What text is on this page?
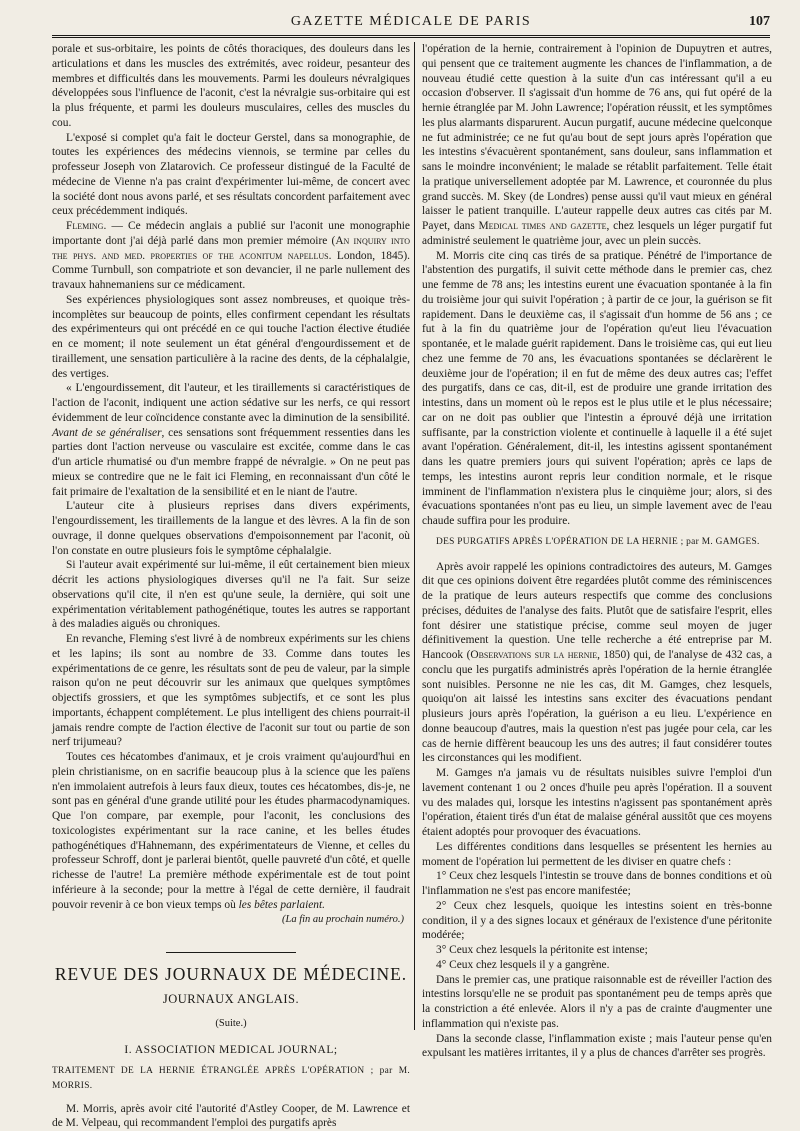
GAZETTE MÉDICALE DE PARIS	107

porale et sus-orbitaire, les points de côtés thoraciques, des douleurs dans les articulations et dans les muscles des extrémités, avec roideur, pesanteur des membres et difficultés dans les mouvements. Parmi les douleurs névralgiques développées sous l'influence de l'aconit, c'est la névralgie sus-orbitaire qui est la plus fréquente, et parmi les douleurs musculaires, celles des muscles du cou.

L'exposé si complet qu'a fait le docteur Gerstel, dans sa monographie, de toutes les expériences des médecins viennois, se termine par celles du professeur Joseph von Zlatarovich. Ce professeur distingué de la Faculté de médecine de Vienne n'a pas craint d'expérimenter lui-même, de concert avec la société dont nous avons parlé, et ses résultats concordent parfaitement avec ceux précédemment indiqués.

Fleming. — Ce médecin anglais a publié sur l'aconit une monographie importante dont j'ai déjà parlé dans mon premier mémoire (An inquiry into the phys. and med. properties of the aconitum napellus. London, 1845). Comme Turnbull, son compatriote et son devancier, il ne parle nullement des travaux hahnemaniens sur ce médicament.

Ses expériences physiologiques sont assez nombreuses, et quoique très-incomplètes sur beaucoup de points, elles confirment cependant les résultats des expérimenteurs qui ont précédé en ce qui touche l'action élective étudiée en ce moment; il note seulement un état général d'engourdissement et de tiraillement, une sensation particulière à la racine des dents, de la céphalalgie, des vertiges.

« L'engourdissement, dit l'auteur, et les tiraillements si caractéristiques de l'action de l'aconit, indiquent une action sédative sur les nerfs, ce qui ressort évidemment de leur coïncidence constante avec la diminution de la sensibilité. Avant de se généraliser, ces sensations sont fréquemment ressenties dans les parties dont l'action nerveuse ou vasculaire est excitée, comme dans le cas d'un article rhumatisé ou d'un membre frappé de névralgie. » On ne peut pas mieux se contredire que ne le fait ici Fleming, en reconnaissant d'un côté le fait primaire de l'exaltation de la sensibilité et en le niant de l'autre.

L'auteur cite à plusieurs reprises dans divers expériments, l'engourdissement, les tiraillements de la langue et des lèvres. A la fin de son ouvrage, il donne quelques observations d'empoisonnement par l'aconit, où l'on constate en outre plusieurs fois le symptôme céphalalgie.

Si l'auteur avait expérimenté sur lui-même, il eût certainement bien mieux décrit les actions physiologiques diverses qu'il ne l'a fait. Sur seize observations qu'il cite, il n'en est qu'une seule, la dernière, qui soit une expérimentation véritablement pathogénétique, toutes les autres se rapportant à des maladies aiguës ou chroniques.

En revanche, Fleming s'est livré à de nombreux expériments sur les chiens et les lapins; ils sont au nombre de 33. Comme dans toutes les expérimentations de ce genre, les résultats sont de peu de valeur, par la simple raison qu'on ne peut découvrir sur les animaux que quelques symptômes objectifs grossiers, et que les symptômes subjectifs, et ce sont les plus importants, échappent complétement. Le plus intelligent des chiens pourrait-il jamais rendre compte de l'action élective de l'aconit sur tout ou partie de son nerf trijumeau?

Toutes ces hécatombes d'animaux, et je crois vraiment qu'aujourd'hui en plein christianisme, on en sacrifie beaucoup plus à la science que les païens n'en immolaient autrefois à leurs faux dieux, toutes ces hécatombes, dis-je, ne sont pas en général d'une grande utilité pour les études pharmacodynamiques. Que l'on compare, par exemple, pour l'aconit, les conclusions des toxicologistes expérimentant sur la race canine, et les belles études pathogénétiques d'Hahnemann, des expérimentateurs de Vienne, et celles du professeur Schroff, dont je parlerai bientôt, quelle pauvreté d'un côté, et quelle richesse de l'autre! La première méthode expérimentale est de tout point inférieure à la seconde; pour la mettre à l'égal de cette dernière, il faudrait pouvoir revenir à ce bon vieux temps où les bêtes parlaient.

(La fin au prochain numéro.)
REVUE DES JOURNAUX DE MÉDECINE.
JOURNAUX ANGLAIS.
(Suite.)
I. ASSOCIATION MEDICAL JOURNAL;

TRAITEMENT DE LA HERNIE ÉTRANGLÉE APRÈS L'OPÉRATION ; par M. MORRIS.

M. Morris, après avoir cité l'autorité d'Astley Cooper, de M. Lawrence et de M. Velpeau, qui recommandent l'emploi des purgatifs après

l'opération de la hernie, contrairement à l'opinion de Dupuytren et autres, qui pensent que ce traitement augmente les chances de l'inflammation, a de nouveau étudié cette question à la suite d'un cas intéressant qu'il a eu occasion d'observer. Il s'agissait d'un homme de 76 ans, qui fut opéré de la hernie étranglée par M. John Lawrence; l'opération réussit, et les symptômes les plus alarmants disparurent. Aucun purgatif, aucune médecine quelconque ne fut administrée; ce ne fut qu'au bout de sept jours après l'opération que les intestins s'évacuèrent spontanément, sans douleur, sans inflammation et sans le moindre inconvénient; le malade se rétablit parfaitement. Telle était la pratique universellement adoptée par M. Lawrence, et couronnée du plus grand succès. M. Skey (de Londres) pense aussi qu'il vaut mieux en général laisser le patient tranquille. L'auteur rappelle deux autres cas cités par M. Payet, dans Medical times and gazette, chez lesquels un léger purgatif fut administré seulement le quatrième jour, avec un plein succès.

M. Morris cite cinq cas tirés de sa pratique. Pénétré de l'importance de l'abstention des purgatifs, il suivit cette méthode dans le premier cas, chez une femme de 78 ans; les intestins eurent une évacuation spontanée à la fin du troisième jour qui suivit l'opération ; à partir de ce jour, la guérison se fit rapidement. Dans le deuxième cas, il s'agissait d'un homme de 56 ans ; ce fut à la fin du quatrième jour de l'opération qu'eut lieu l'évacuation spontanée, et le malade guérit rapidement. Dans le troisième cas, qui eut lieu chez une femme de 70 ans, les évacuations spontanées se déclarèrent le deuxième jour de l'opération; il en fut de même des deux autres cas; l'effet des purgatifs, dans ce cas, dit-il, est de produire une grande irritation des intestins, dans un moment où le repos est le plus utile et le plus nécessaire; car on ne doit pas oublier que l'intestin a éprouvé déjà une irritation suffisante, par la constriction violente et continuelle à laquelle il a été sujet avant l'opération. Généralement, dit-il, les intestins agissent spontanément dans les quatre premiers jours qui suivent l'opération; après ce laps de temps, les intestins auront repris leur condition normale, et le risque imminent de l'inflammation n'existera plus le cinquième jour; alors, si des évacuations spontanées n'ont pas eu lieu, un simple lavement avec de l'eau chaude suffira pour les produire.

DES PURGATIFS APRÈS L'OPÉRATION DE LA HERNIE ; par M. GAMGES.

Après avoir rappelé les opinions contradictoires des auteurs, M. Gamges dit que ces opinions doivent être regardées plutôt comme des réminiscences de la pratique de leurs auteurs respectifs que comme des conclusions précises, déduites de l'analyse des faits. Plutôt que de satisfaire l'esprit, elles font désirer une statistique précise, comme seul moyen de juger définitivement la question. Une telle recherche a été entreprise par M. Hancook (Observations sur la hernie, 1850) qui, de l'analyse de 432 cas, a conclu que les purgatifs administrés après l'opération de la hernie étranglée sont nuisibles. Personne ne nie les cas, dit M. Gamges, chez lesquels, quoiqu'on ait laissé les intestins sans exciter des évacuations pendant plusieurs jours après l'opération, la guérison a eu lieu. L'expérience en donne beaucoup d'autres, mais la question n'est pas jugée pour cela, car les cas de hernie diffèrent beaucoup les uns des autres; il faut considérer toutes les circonstances qui les modifient.

M. Gamges n'a jamais vu de résultats nuisibles suivre l'emploi d'un lavement contenant 1 ou 2 onces d'huile peu après l'opération. Il a souvent vu des malades qui, lorsque les intestins n'agissent pas spontanément après l'opération, étaient tirés d'un état de malaise général aussitôt que ces moyens étaient adoptés pour provoquer des évacuations.

Les différentes conditions dans lesquelles se présentent les hernies au moment de l'opération lui permettent de les diviser en quatre chefs :

1° Ceux chez lesquels l'intestin se trouve dans de bonnes conditions et où l'inflammation ne s'est pas encore manifestée;

2° Ceux chez lesquels, quoique les intestins soient en très-bonne condition, il y a des signes locaux et généraux de l'existence d'une péritonite modérée;

3° Ceux chez lesquels la péritonite est intense;

4° Ceux chez lesquels il y a gangrène.

Dans le premier cas, une pratique raisonnable est de réveiller l'action des intestins lorsqu'elle ne se produit pas spontanément peu de temps après que la constriction a été enlevée. Alors il n'y a pas de crainte d'augmenter une inflammation qui n'existe pas.

Dans la seconde classe, l'inflammation existe ; mais l'auteur pense qu'en expulsant les matières irritantes, il y a plus de chances d'arrêter ses progrès.
